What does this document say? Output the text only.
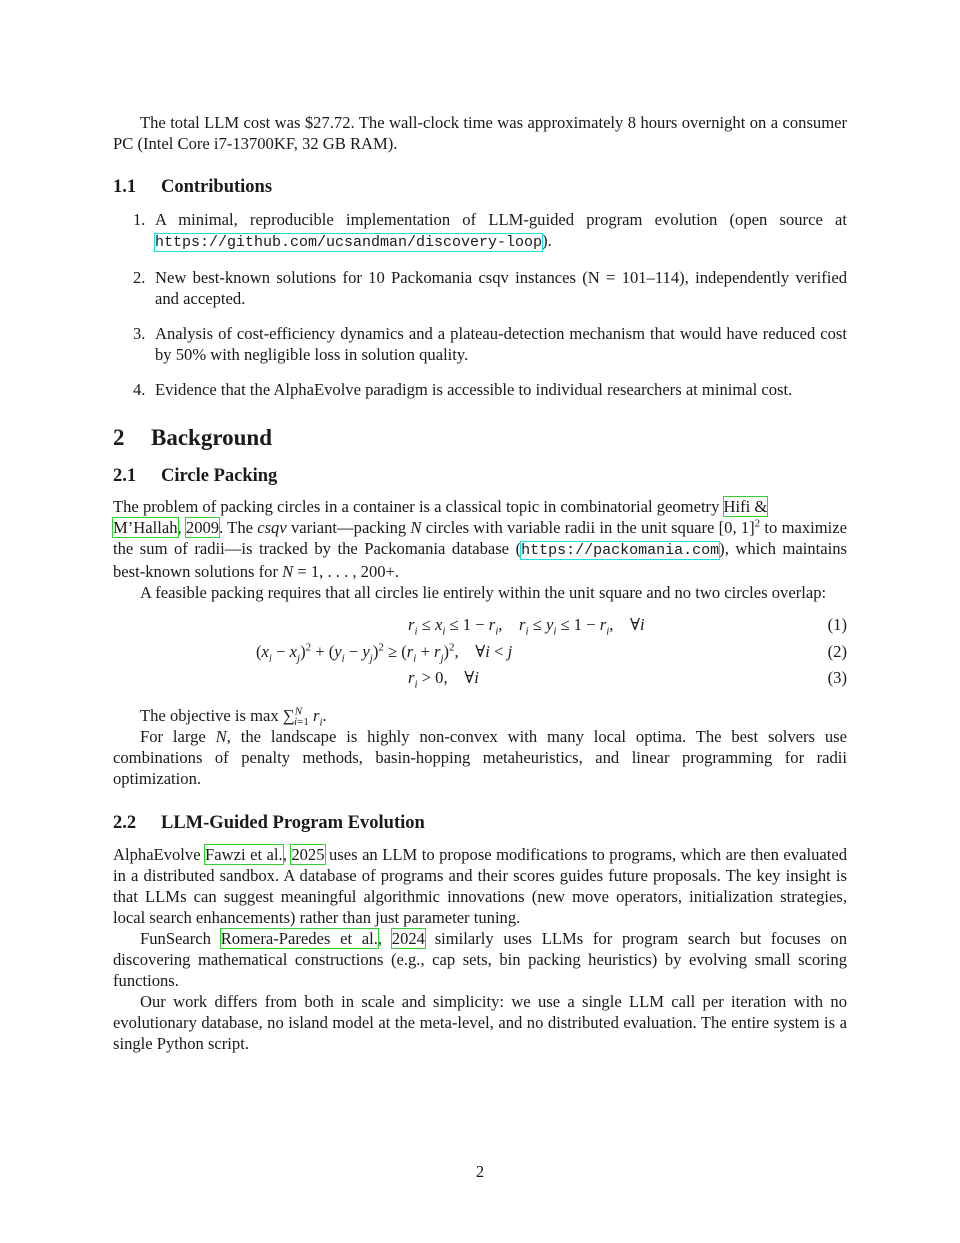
The total LLM cost was $27.72. The wall-clock time was approximately 8 hours overnight on a consumer PC (Intel Core i7-13700KF, 32 GB RAM).

1.1 Contributions
1. A minimal, reproducible implementation of LLM-guided program evolution (open source at https://github.com/ucsandman/discovery-loop).
2. New best-known solutions for 10 Packomania csqv instances (N = 101–114), independently verified and accepted.
3. Analysis of cost-efficiency dynamics and a plateau-detection mechanism that would have reduced cost by 50% with negligible loss in solution quality.
4. Evidence that the AlphaEvolve paradigm is accessible to individual researchers at minimal cost.
2 Background
2.1 Circle Packing

The problem of packing circles in a container is a classical topic in combinatorial geometry Hifi &
M’Hallah, 2009. The csqv variant—packing N circles with variable radii in the unit square [0, 1]$^2$ to maximize the sum of radii—is tracked by the Packomania database (https://packomania.com), which maintains best-known solutions for N = 1, . . . , 200+.

A feasible packing requires that all circles lie entirely within the unit square and no two circles overlap:

$r_i \le x_i \le 1 - r_i$,    $r_i \le y_i \le 1 - r_i$,    ∀i	(1)
$(x_i - x_j)^2 + (y_i - y_j)^2 \ge (r_i + r_j)^2$,    ∀i < j	(2)
$r_i > 0$,    ∀i	(3)

The objective is max ∑$^N_{i=1}$ $r_i$.

For large N, the landscape is highly non-convex with many local optima. The best solvers use combinations of penalty methods, basin-hopping metaheuristics, and linear programming for radii optimization.

2.2 LLM-Guided Program Evolution

AlphaEvolve Fawzi et al., 2025 uses an LLM to propose modifications to programs, which are then evaluated in a distributed sandbox. A database of programs and their scores guides future proposals. The key insight is that LLMs can suggest meaningful algorithmic innovations (new move operators, initialization strategies, local search enhancements) rather than just parameter tuning.

FunSearch Romera-Paredes et al., 2024 similarly uses LLMs for program search but focuses on discovering mathematical constructions (e.g., cap sets, bin packing heuristics) by evolving small scoring functions.

Our work differs from both in scale and simplicity: we use a single LLM call per iteration with no evolutionary database, no island model at the meta-level, and no distributed evaluation. The entire system is a single Python script.

2
